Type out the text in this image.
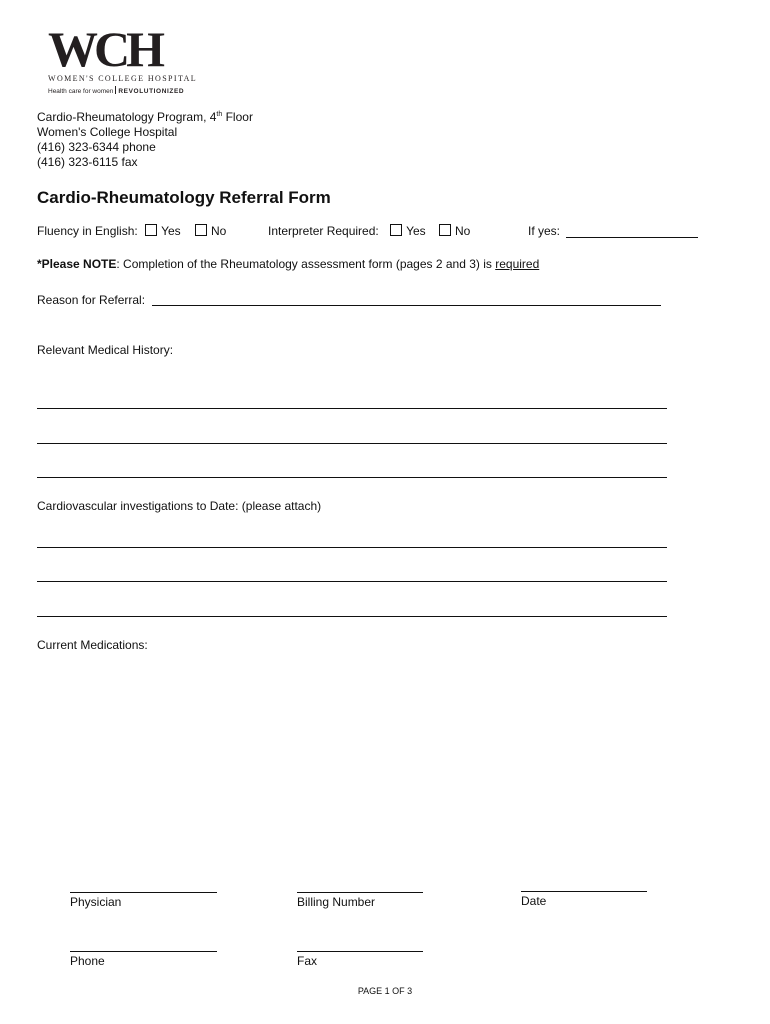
WCH
WOMEN'S COLLEGE HOSPITAL
Health care for women REVOLUTIONIZED
Cardio-Rheumatology Program, 4th Floor
Women's College Hospital
(416) 323-6344 phone
(416) 323-6115 fax
Cardio-Rheumatology Referral Form
Fluency in English: Yes	No	Interpreter Required: Yes No	If yes:
*Please NOTE: Completion of the Rheumatology assessment form (pages 2 and 3) is required
Reason for Referral:
Relevant Medical History:
Cardiovascular investigations to Date: (please attach)
Current Medications:
Physician	Billing Number	Date
Phone	Fax
PAGE 1 OF 3
